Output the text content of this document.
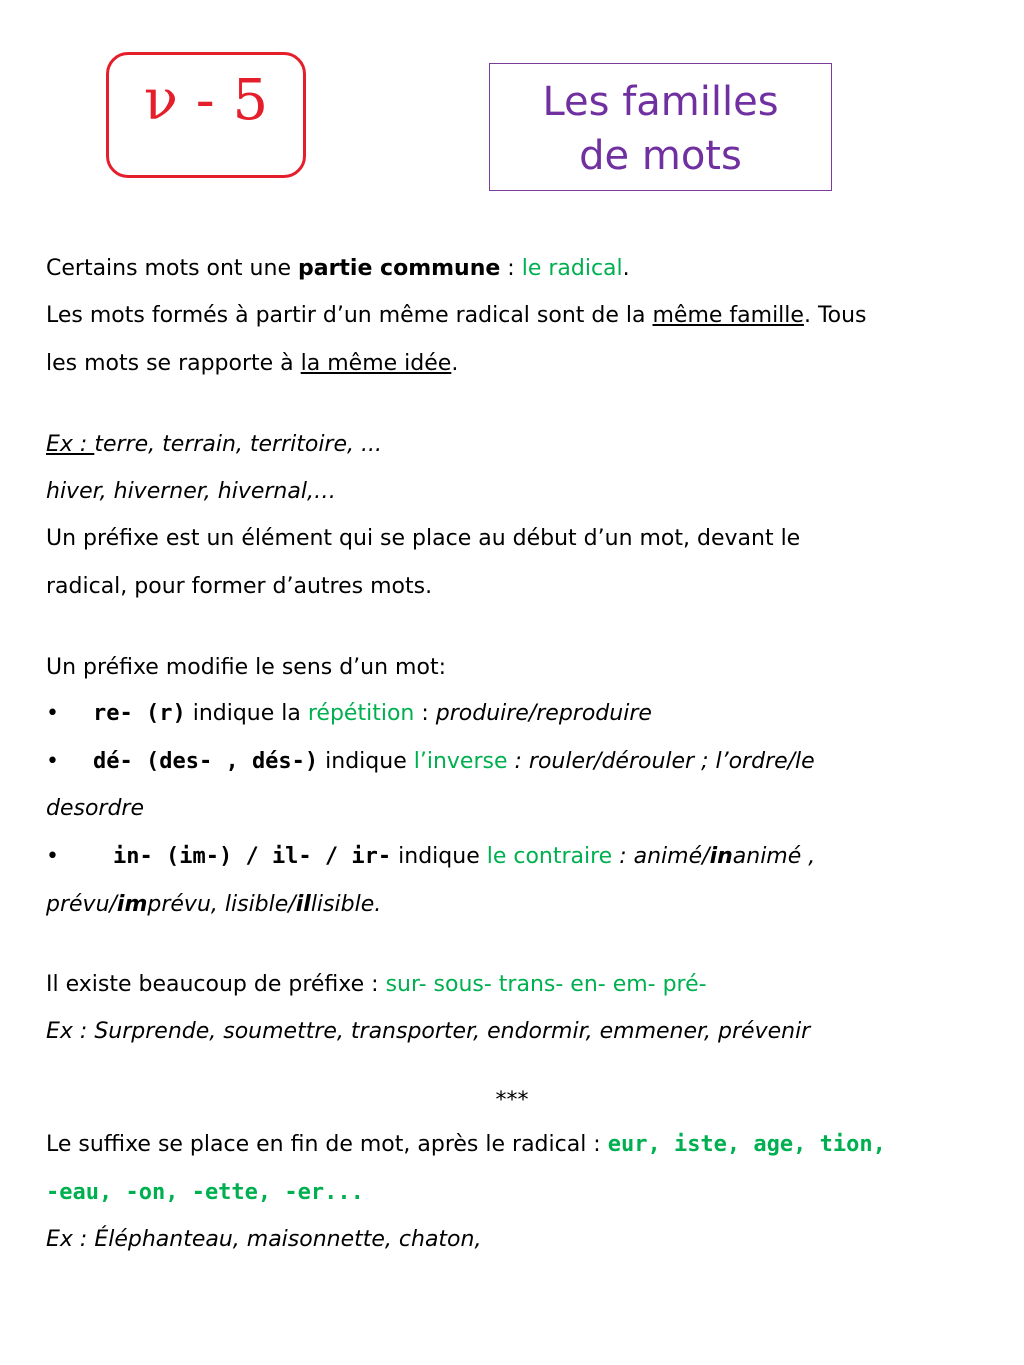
ν - 5	Les familles
de mots
Certains mots ont une partie commune : le radical.
Les mots formés à partir d’un même radical sont de la même famille. Tous
les mots se rapporte à la même idée.
Ex : terre, terrain, territoire, ...
hiver, hiverner, hivernal,…
Un préfixe est un élément qui se place au début d’un mot, devant le
radical, pour former d’autres mots.
Un préfixe modifie le sens d’un mot:
• re- (r) indique la répétition : produire/reproduire
• dé- (des- , dés-) indique l’inverse : rouler/dérouler ; l’ordre/le
desordre
• in- (im-) / il- / ir- indique le contraire : animé/inanimé ,
prévu/imprévu, lisible/illisible.
Il existe beaucoup de préfixe : sur- sous- trans- en- em- pré-
Ex : Surprende, soumettre, transporter, endormir, emmener, prévenir
***
Le suffixe se place en fin de mot, après le radical : eur, iste, age, tion,
-eau, -on, -ette, -er...
Ex : Éléphanteau, maisonnette, chaton,
